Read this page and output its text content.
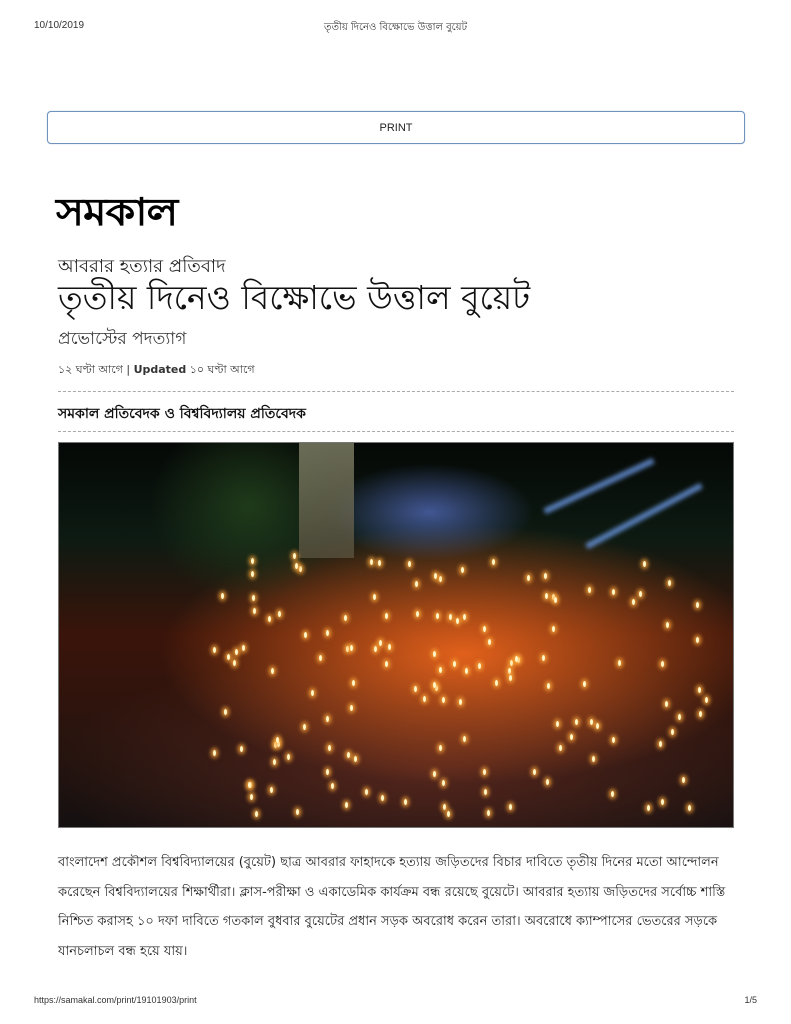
10/10/2019	তৃতীয় দিনেও বিক্ষোভে উত্তাল বুয়েট
PRINT
সমকাল
আবরার হত্যার প্রতিবাদ
তৃতীয় দিনেও বিক্ষোভে উত্তাল বুয়েট
প্রভোস্টের পদত্যাগ
১২ ঘণ্টা আগে | Updated ১০ ঘণ্টা আগে
সমকাল প্রতিবেদক ও বিশ্ববিদ্যালয় প্রতিবেদক
বাংলাদেশ প্রকৌশল বিশ্ববিদ্যালয়ের (বুয়েট) ছাত্র আবরার ফাহাদকে হত্যায় জড়িতদের বিচার দাবিতে তৃতীয় দিনের মতো আন্দোলন করেছেন বিশ্ববিদ্যালয়ের শিক্ষার্থীরা। ক্লাস-পরীক্ষা ও একাডেমিক কার্যক্রম বন্ধ রয়েছে বুয়েটে। আবরার হত্যায় জড়িতদের সর্বোচ্চ শাস্তি নিশ্চিত করাসহ ১০ দফা দাবিতে গতকাল বুধবার বুয়েটের প্রধান সড়ক অবরোধ করেন তারা। অবরোধে ক্যাম্পাসের ভেতরের সড়কে যানচলাচল বন্ধ হয়ে যায়।
https://samakal.com/print/19101903/print	1/5
